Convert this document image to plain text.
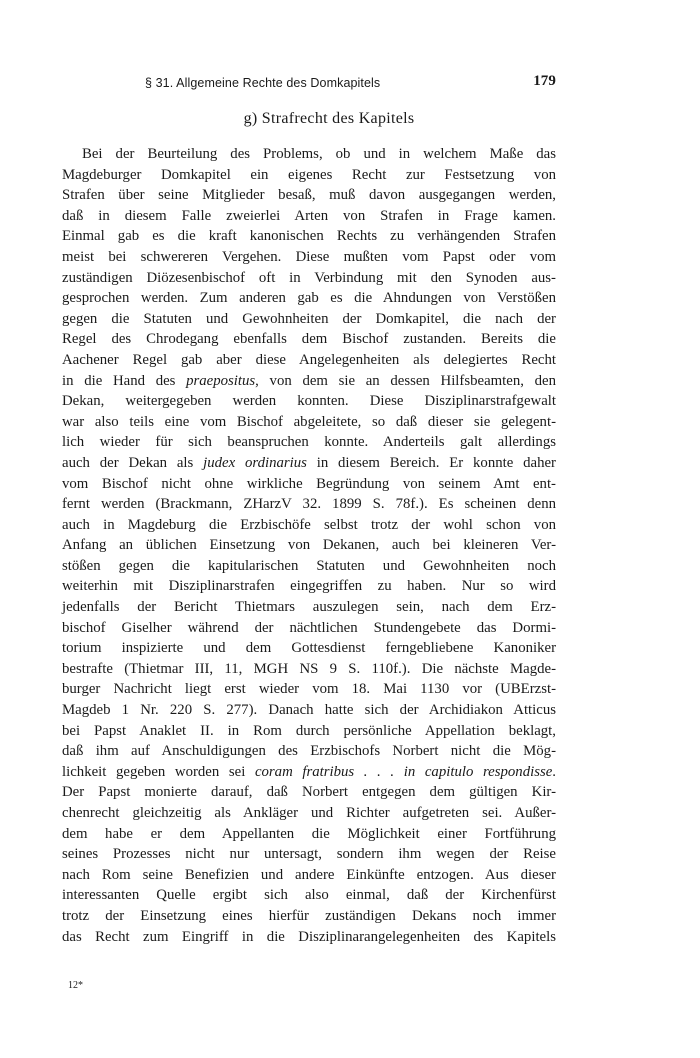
§ 31. Allgemeine Rechte des Domkapitels	179
g) Strafrecht des Kapitels
Bei der Beurteilung des Problems, ob und in welchem Maße das
Magdeburger Domkapitel ein eigenes Recht zur Festsetzung von
Strafen über seine Mitglieder besaß, muß davon ausgegangen werden,
daß in diesem Falle zweierlei Arten von Strafen in Frage kamen.
Einmal gab es die kraft kanonischen Rechts zu verhängenden Strafen
meist bei schwereren Vergehen. Diese mußten vom Papst oder vom
zuständigen Diözesenbischof oft in Verbindung mit den Synoden aus-
gesprochen werden. Zum anderen gab es die Ahndungen von Verstößen
gegen die Statuten und Gewohnheiten der Domkapitel, die nach der
Regel des Chrodegang ebenfalls dem Bischof zustanden. Bereits die
Aachener Regel gab aber diese Angelegenheiten als delegiertes Recht
in die Hand des praepositus, von dem sie an dessen Hilfsbeamten, den
Dekan, weitergegeben werden konnten. Diese Disziplinarstrafgewalt
war also teils eine vom Bischof abgeleitete, so daß dieser sie gelegent-
lich wieder für sich beanspruchen konnte. Anderteils galt allerdings
auch der Dekan als judex ordinarius in diesem Bereich. Er konnte daher
vom Bischof nicht ohne wirkliche Begründung von seinem Amt ent-
fernt werden (Brackmann, ZHarzV 32. 1899 S. 78f.). Es scheinen denn
auch in Magdeburg die Erzbischöfe selbst trotz der wohl schon von
Anfang an üblichen Einsetzung von Dekanen, auch bei kleineren Ver-
stößen gegen die kapitularischen Statuten und Gewohnheiten noch
weiterhin mit Disziplinarstrafen eingegriffen zu haben. Nur so wird
jedenfalls der Bericht Thietmars auszulegen sein, nach dem Erz-
bischof Giselher während der nächtlichen Stundengebete das Dormi-
torium inspizierte und dem Gottesdienst ferngebliebene Kanoniker
bestrafte (Thietmar III, 11, MGH NS 9 S. 110f.). Die nächste Magde-
burger Nachricht liegt erst wieder vom 18. Mai 1130 vor (UBErzst-
Magdeb 1 Nr. 220 S. 277). Danach hatte sich der Archidiakon Atticus
bei Papst Anaklet II. in Rom durch persönliche Appellation beklagt,
daß ihm auf Anschuldigungen des Erzbischofs Norbert nicht die Mög-
lichkeit gegeben worden sei coram fratribus . . . in capitulo respondisse.
Der Papst monierte darauf, daß Norbert entgegen dem gültigen Kir-
chenrecht gleichzeitig als Ankläger und Richter aufgetreten sei. Außer-
dem habe er dem Appellanten die Möglichkeit einer Fortführung
seines Prozesses nicht nur untersagt, sondern ihm wegen der Reise
nach Rom seine Benefizien und andere Einkünfte entzogen. Aus dieser
interessanten Quelle ergibt sich also einmal, daß der Kirchenfürst
trotz der Einsetzung eines hierfür zuständigen Dekans noch immer
das Recht zum Eingriff in die Disziplinarangelegenheiten des Kapitels
12*
